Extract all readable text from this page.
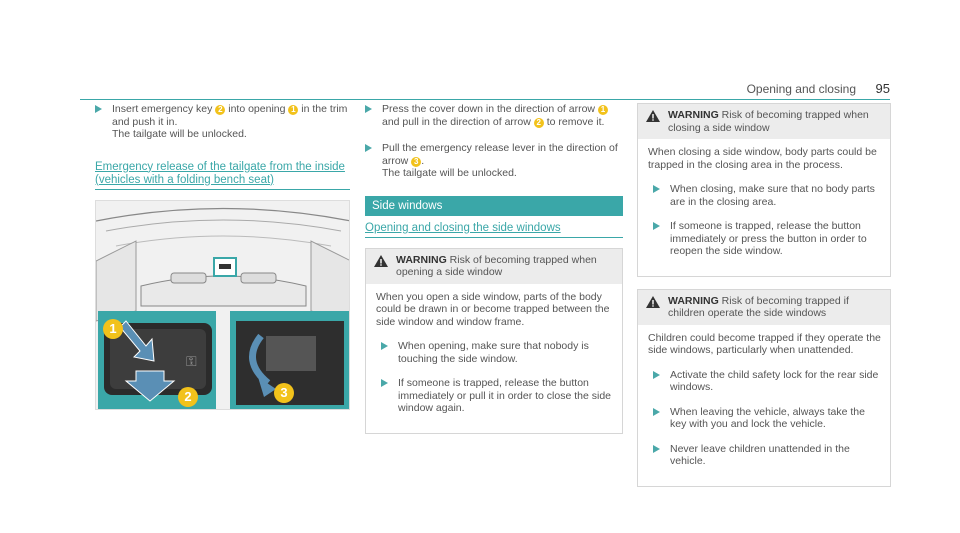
Opening and closing 95
Insert emergency key 2 into opening 1 in the trim and push it in.
The tailgate will be unlocked.
Emergency release of the tailgate from the inside (vehicles with a folding bench seat)
⚿
1
2	3
Press the cover down in the direction of arrow 1 and pull in the direction of arrow 2 to remove it.
Pull the emergency release lever in the direction of arrow 3 .
The tailgate will be unlocked.
Side windows
Opening and closing the side windows
WARNING Risk of becoming trapped when opening a side window

When you open a side window, parts of the body could be drawn in or become trapped between the side window and window frame.

When opening, make sure that nobody is touching the side window.
If someone is trapped, release the button immediately or pull it in order to close the side window again.
WARNING Risk of becoming trapped when closing a side window

When closing a side window, body parts could be trapped in the closing area in the process.

When closing, make sure that no body parts are in the closing area.
If someone is trapped, release the button immediately or press the button in order to reopen the side window.
WARNING Risk of becoming trapped if children operate the side windows

Children could become trapped if they operate the side windows, particularly when unattended.

Activate the child safety lock for the rear side windows.
When leaving the vehicle, always take the key with you and lock the vehicle.
Never leave children unattended in the vehicle.
